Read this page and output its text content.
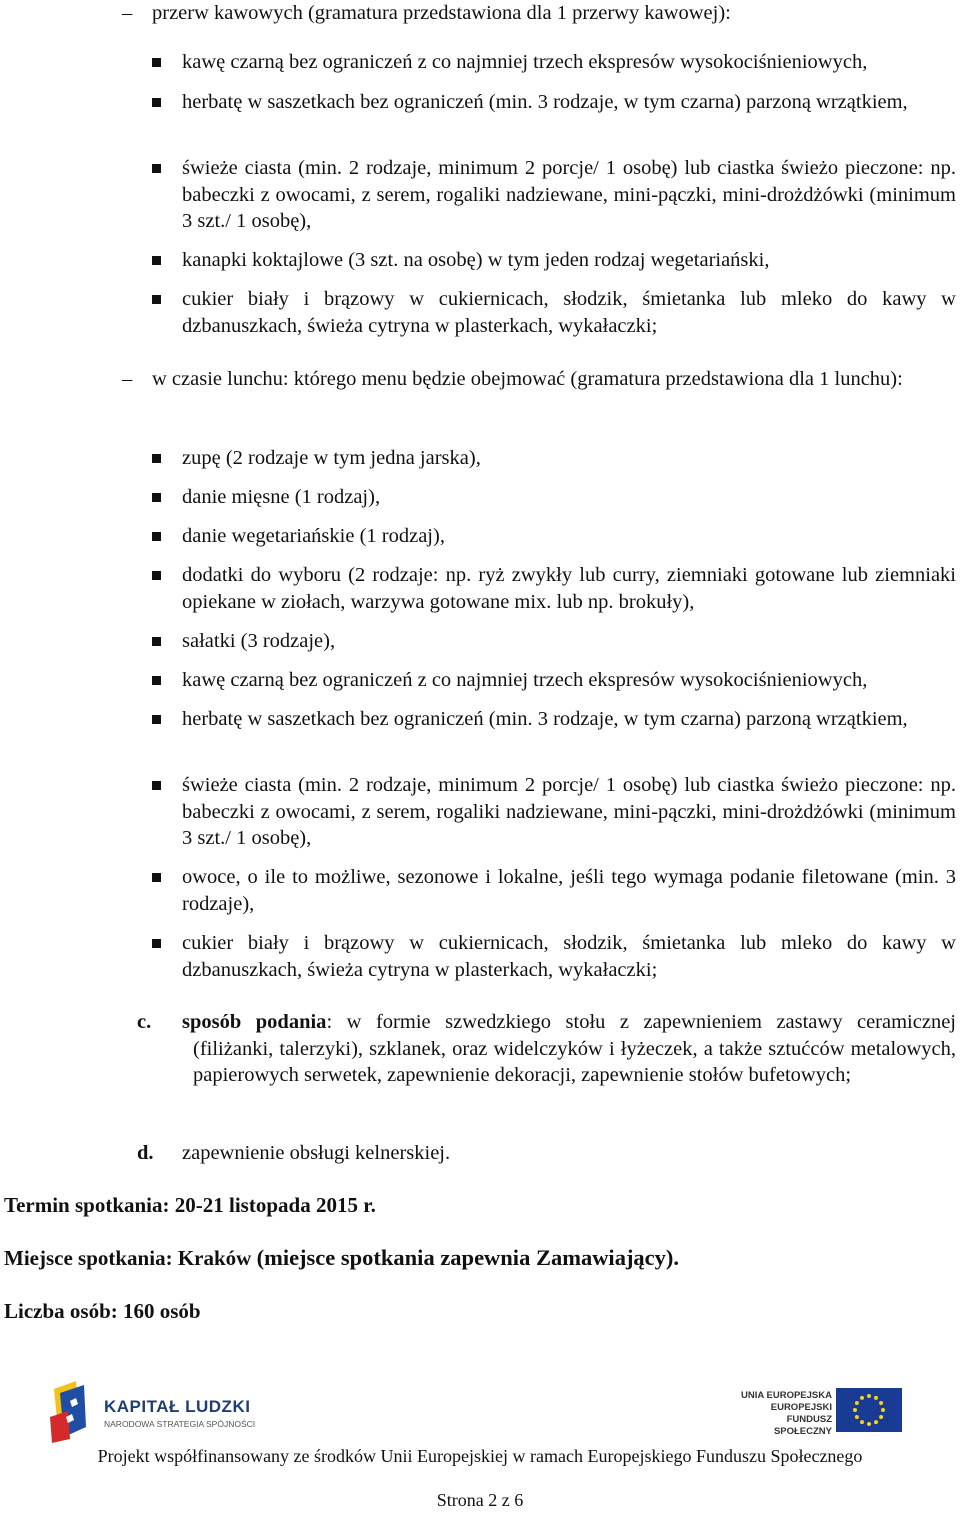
– przerw kawowych (gramatura przedstawiona dla 1 przerwy kawowej):
kawę czarną bez ograniczeń z co najmniej trzech ekspresów wysokociśnieniowych,
herbatę w saszetkach bez ograniczeń (min. 3 rodzaje, w tym czarna) parzoną wrzątkiem,
świeże ciasta (min. 2 rodzaje, minimum 2 porcje/ 1 osobę) lub ciastka świeżo pieczone: np. babeczki z owocami, z serem, rogaliki nadziewane, mini-pączki, mini-drożdżówki (minimum 3 szt./ 1 osobę),
kanapki koktajlowe (3 szt. na osobę) w tym jeden rodzaj wegetariański,
cukier biały i brązowy w cukiernicach, słodzik, śmietanka lub mleko do kawy w dzbanuszkach, świeża cytryna w plasterkach, wykałaczki;
– w czasie lunchu: którego menu będzie obejmować (gramatura przedstawiona dla 1 lunchu):
zupę (2 rodzaje w tym jedna jarska),
danie mięsne (1 rodzaj),
danie wegetariańskie (1 rodzaj),
dodatki do wyboru (2 rodzaje: np. ryż zwykły lub curry, ziemniaki gotowane lub ziemniaki opiekane w ziołach, warzywa gotowane mix. lub np. brokuły),
sałatki (3 rodzaje),
kawę czarną bez ograniczeń z co najmniej trzech ekspresów wysokociśnieniowych,
herbatę w saszetkach bez ograniczeń (min. 3 rodzaje, w tym czarna) parzoną wrzątkiem,
świeże ciasta (min. 2 rodzaje, minimum 2 porcje/ 1 osobę) lub ciastka świeżo pieczone: np. babeczki z owocami, z serem, rogaliki nadziewane, mini-pączki, mini-drożdżówki (minimum 3 szt./ 1 osobę),
owoce, o ile to możliwe, sezonowe i lokalne, jeśli tego wymaga podanie filetowane (min. 3 rodzaje),
cukier biały i brązowy w cukiernicach, słodzik, śmietanka lub mleko do kawy w dzbanuszkach, świeża cytryna w plasterkach, wykałaczki;
c. sposób podania: w formie szwedzkiego stołu z zapewnieniem zastawy ceramicznej (filiżanki, talerzyki), szklanek, oraz widelczyków i łyżeczek, a także sztućców metalowych, papierowych serwetek, zapewnienie dekoracji, zapewnienie stołów bufetowych;
d. zapewnienie obsługi kelnerskiej.
Termin spotkania: 20-21 listopada 2015 r.
Miejsce spotkania: Kraków (miejsce spotkania zapewnia Zamawiający).
Liczba osób: 160 osób
KAPITAŁ LUDZKI
NARODOWA STRATEGIA SPÓJNOŚCI
UNIA EUROPEJSKA
EUROPEJSKI
FUNDUSZ SPOŁECZNY
Projekt współfinansowany ze środków Unii Europejskiej w ramach Europejskiego Funduszu Społecznego
Strona 2 z 6
